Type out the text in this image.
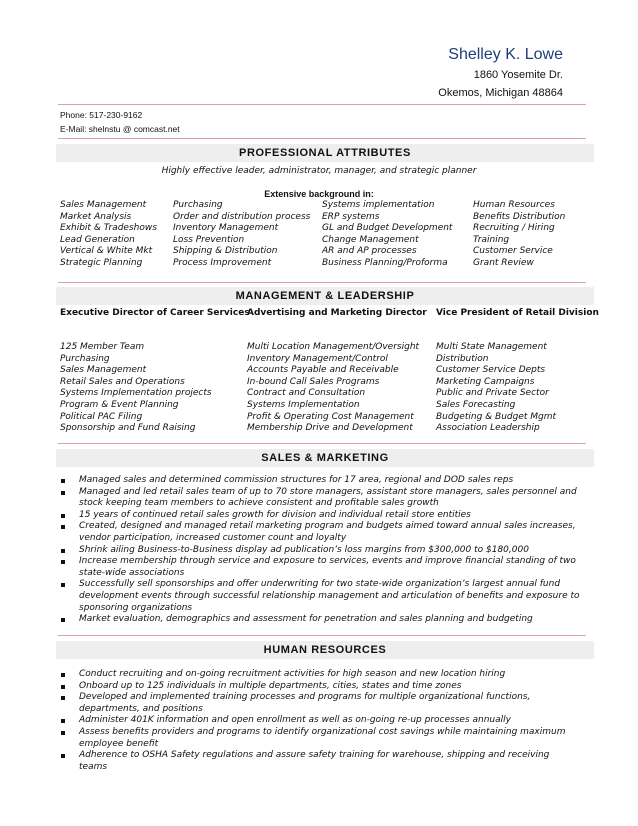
Shelley K. Lowe
1860 Yosemite Dr.
Okemos, Michigan 48864
Phone: 517-230-9162
E-Mail: shelnstu @ comcast.net
PROFESSIONAL ATTRIBUTES
Highly effective leader, administrator, manager, and strategic planner
Extensive background in:
Sales Management
Market Analysis
Exhibit & Tradeshows
Lead Generation
Vertical & White Mkt
Strategic Planning
Purchasing
Order and distribution process
Inventory Management
Loss Prevention
Shipping & Distribution
Process Improvement
Systems implementation
ERP systems
GL and Budget Development
Change Management
AR and AP processes
Business Planning/Proforma
Human Resources
Benefits Distribution
Recruiting / Hiring
Training
Customer Service
Grant Review
MANAGEMENT & LEADERSHIP
Executive Director of Career Services
Advertising and Marketing Director Vice President of Retail Division
125 Member Team
Purchasing
Sales Management
Retail Sales and Operations
Systems Implementation projects
Program & Event Planning
Political PAC Filing
Sponsorship and Fund Raising
Multi Location Management/Oversight
Inventory Management/Control
Accounts Payable and Receivable
In-bound Call Sales Programs
Contract and Consultation
Systems Implementation
Profit & Operating Cost Management
Membership Drive and Development
Multi State Management
Distribution
Customer Service Depts
Marketing Campaigns
Public and Private Sector
Sales Forecasting
Budgeting & Budget Mgmt
Association Leadership
SALES & MARKETING
Managed sales and determined commission structures for 17 area, regional and DOD sales reps
Managed and led retail sales team of up to 70 store managers, assistant store managers, sales personnel and stock keeping team members to achieve consistent and profitable sales growth
15 years of continued retail sales growth for division and individual retail store entities
Created, designed and managed retail marketing program and budgets aimed toward annual sales increases, vendor participation, increased customer count and loyalty
Shrink ailing Business-to-Business display ad publication’s loss margins from $300,000 to $180,000
Increase membership through service and exposure to services, events and improve financial standing of two state-wide associations
Successfully sell sponsorships and offer underwriting for two state-wide organization’s largest annual fund development events through successful relationship management and articulation of benefits and exposure to sponsoring organizations
Market evaluation, demographics and assessment for penetration and sales planning and budgeting
HUMAN RESOURCES
Conduct recruiting and on-going recruitment activities for high season and new location hiring
Onboard up to 125 individuals in multiple departments, cities, states and time zones
Developed and implemented training processes and programs for multiple organizational functions, departments, and positions
Administer 401K information and open enrollment as well as on-going re-up processes annually
Assess benefits providers and programs to identify organizational cost savings while maintaining maximum employee benefit
Adherence to OSHA Safety regulations and assure safety training for warehouse, shipping and receiving teams
